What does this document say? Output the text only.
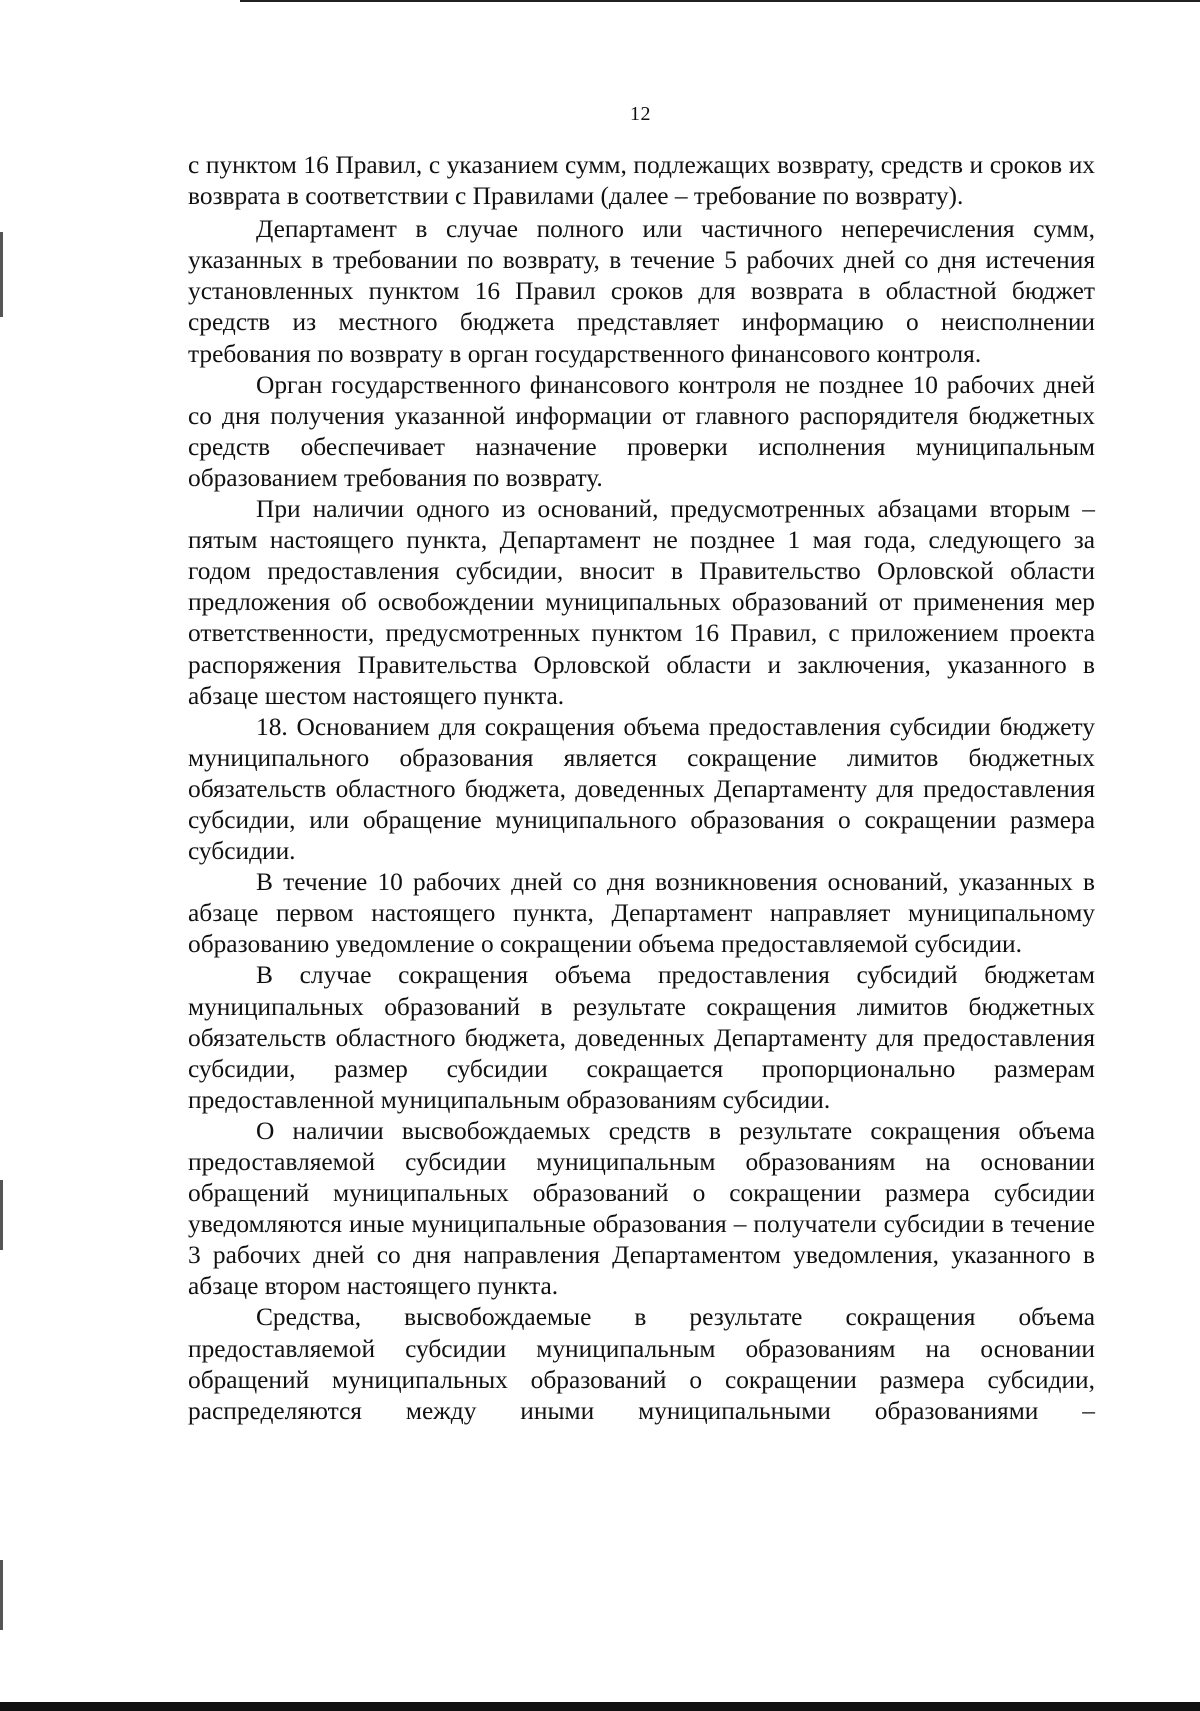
12

с пунктом 16 Правил, с указанием сумм, подлежащих возврату, средств и сроков их возврата в соответствии с Правилами (далее – требование по возврату).

Департамент в случае полного или частичного неперечисления сумм, указанных в требовании по возврату, в течение 5 рабочих дней со дня истечения установленных пунктом 16 Правил сроков для возврата в областной бюджет средств из местного бюджета представляет информацию о неисполнении требования по возврату в орган государственного финансового контроля.

Орган государственного финансового контроля не позднее 10 рабочих дней со дня получения указанной информации от главного распорядителя бюджетных средств обеспечивает назначение проверки исполнения муниципальным образованием требования по возврату.

При наличии одного из оснований, предусмотренных абзацами вторым – пятым настоящего пункта, Департамент не позднее 1 мая года, следующего за годом предоставления субсидии, вносит в Правительство Орловской области предложения об освобождении муниципальных образований от применения мер ответственности, предусмотренных пунктом 16 Правил, с приложением проекта распоряжения Правительства Орловской области и заключения, указанного в абзаце шестом настоящего пункта.

18. Основанием для сокращения объема предоставления субсидии бюджету муниципального образования является сокращение лимитов бюджетных обязательств областного бюджета, доведенных Департаменту для предоставления субсидии, или обращение муниципального образования о сокращении размера субсидии.

В течение 10 рабочих дней со дня возникновения оснований, указанных в абзаце первом настоящего пункта, Департамент направляет муниципальному образованию уведомление о сокращении объема предоставляемой субсидии.

В случае сокращения объема предоставления субсидий бюджетам муниципальных образований в результате сокращения лимитов бюджетных обязательств областного бюджета, доведенных Департаменту для предоставления субсидии, размер субсидии сокращается пропорционально размерам предоставленной муниципальным образованиям субсидии.

О наличии высвобождаемых средств в результате сокращения объема предоставляемой субсидии муниципальным образованиям на основании обращений муниципальных образований о сокращении размера субсидии уведомляются иные муниципальные образования – получатели субсидии в течение 3 рабочих дней со дня направления Департаментом уведомления, указанного в абзаце втором настоящего пункта.

Средства, высвобождаемые в результате сокращения объема предоставляемой субсидии муниципальным образованиям на основании обращений муниципальных образований о сокращении размера субсидии, распределяются между иными муниципальными образованиями –
